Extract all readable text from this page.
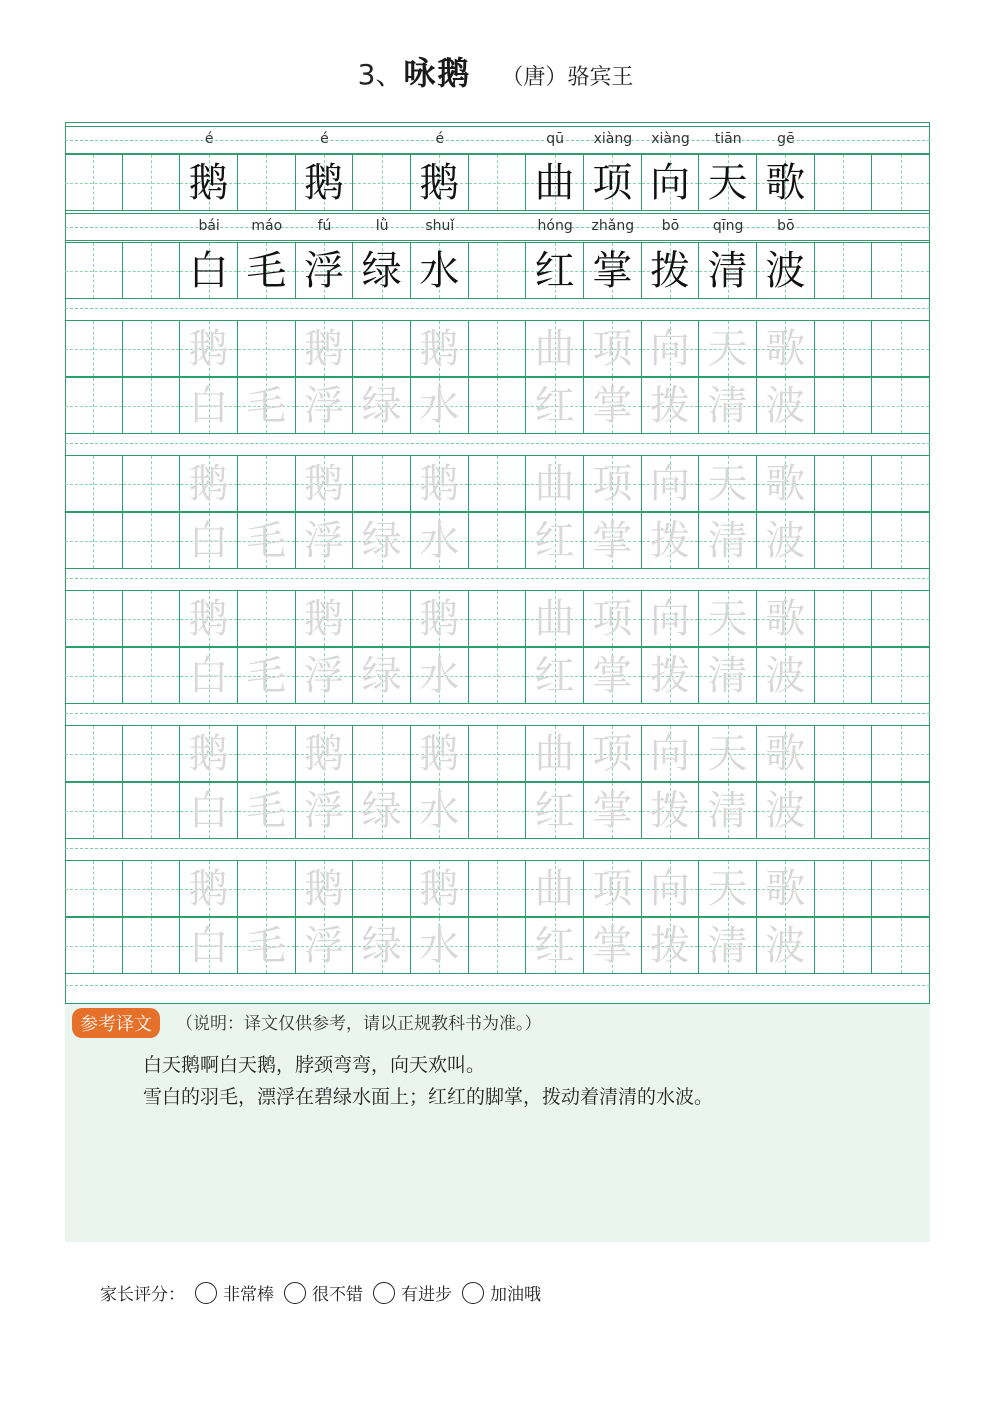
3、咏鹅 （唐）骆宾王
é	é	é	qū	xiàng	xiàng	tiān	gē
鹅 鹅 鹅 曲 项 向 天 歌
bái	máo	fú	lǜ	shuǐ	hóng	zhǎng	bō	qīng	bō
白 毛 浮 绿 水 红 掌 拨 清 波
鹅 鹅 鹅 曲 项 向 天 歌
白 毛 浮 绿 水 红 掌 拨 清 波
鹅 鹅 鹅 曲 项 向 天 歌
白 毛 浮 绿 水 红 掌 拨 清 波
鹅 鹅 鹅 曲 项 向 天 歌
白 毛 浮 绿 水 红 掌 拨 清 波
鹅 鹅 鹅 曲 项 向 天 歌
白 毛 浮 绿 水 红 掌 拨 清 波
鹅 鹅 鹅 曲 项 向 天 歌
白 毛 浮 绿 水 红 掌 拨 清 波
参考译文	（说明：译文仅供参考，请以正规教科书为准。）
白天鹅啊白天鹅，脖颈弯弯，向天欢叫。
雪白的羽毛，漂浮在碧绿水面上；红红的脚掌，拨动着清清的水波。
家长评分： 非常棒 很不错 有进步 加油哦
